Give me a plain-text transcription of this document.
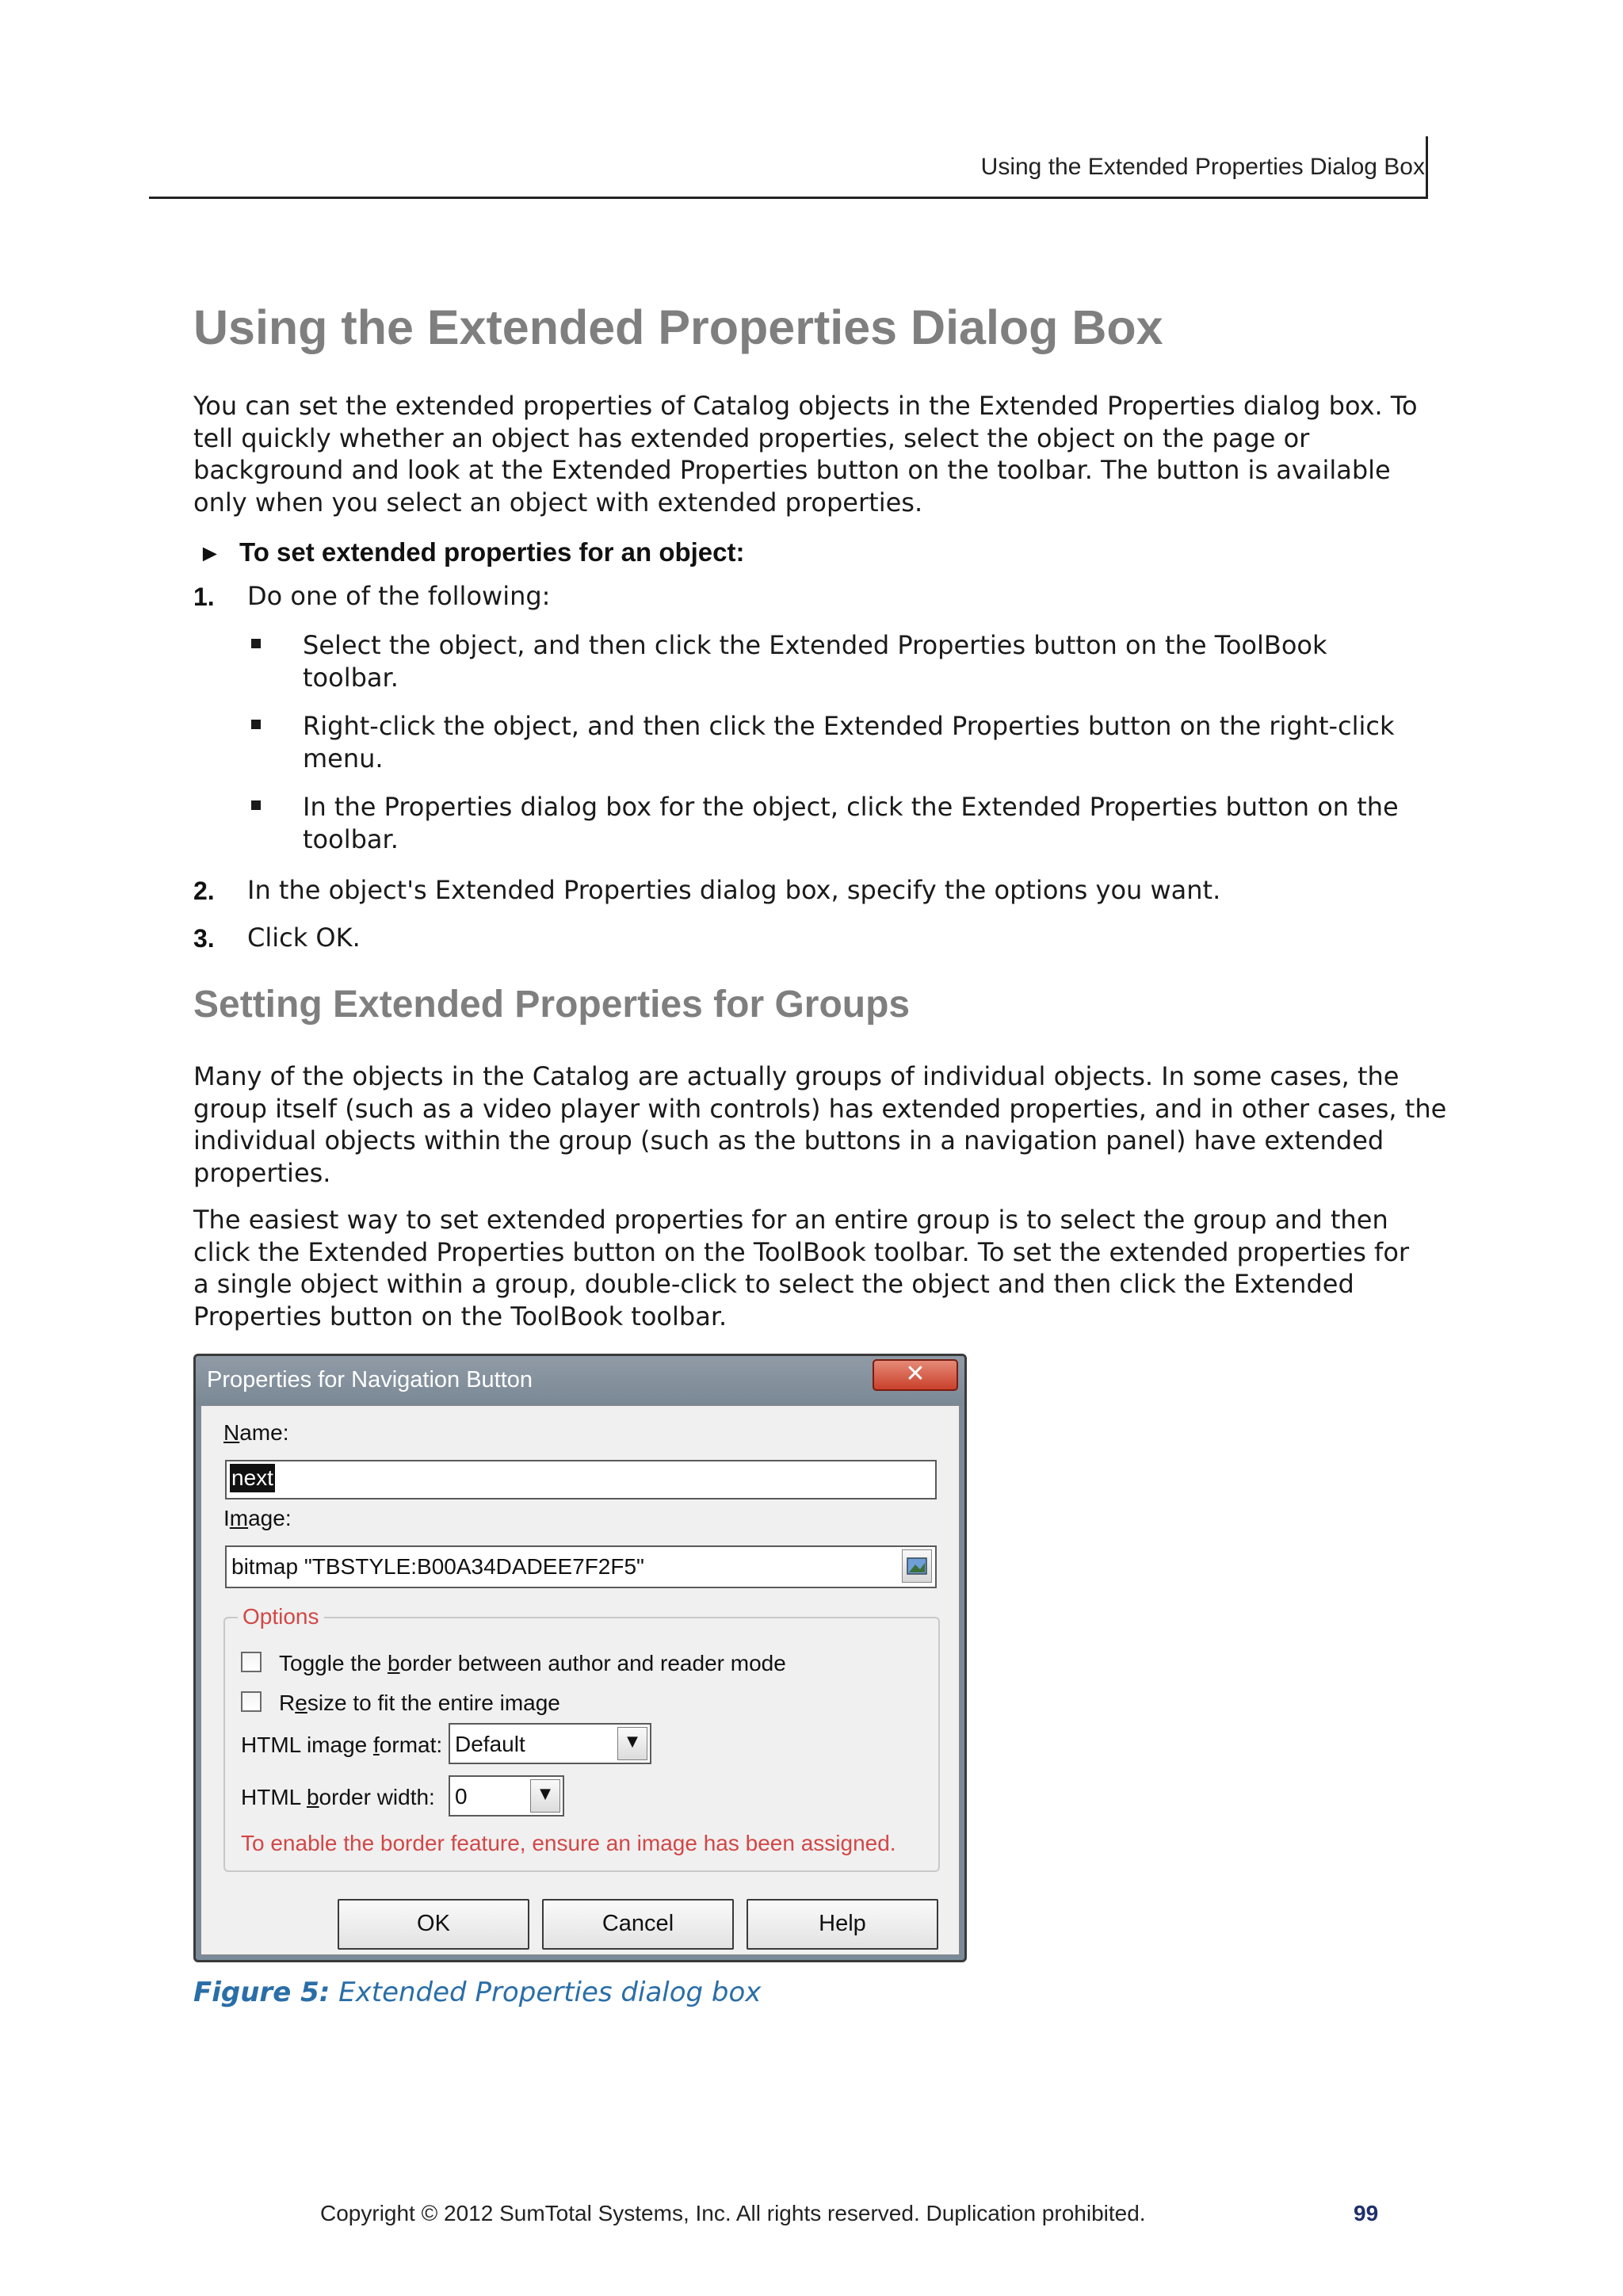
Using the Extended Properties Dialog Box
Using the Extended Properties Dialog Box
You can set the extended properties of Catalog objects in the Extended Properties dialog box. To
tell quickly whether an object has extended properties, select the object on the page or
background and look at the Extended Properties button on the toolbar. The button is available
only when you select an object with extended properties.
► To set extended properties for an object:
1. Do one of the following:
Select the object, and then click the Extended Properties button on the ToolBook
toolbar.
Right-click the object, and then click the Extended Properties button on the right-click
menu.
In the Properties dialog box for the object, click the Extended Properties button on the
toolbar.
2. In the object's Extended Properties dialog box, specify the options you want.
3. Click OK.
Setting Extended Properties for Groups
Many of the objects in the Catalog are actually groups of individual objects. In some cases, the
group itself (such as a video player with controls) has extended properties, and in other cases, the
individual objects within the group (such as the buttons in a navigation panel) have extended
properties.
The easiest way to set extended properties for an entire group is to select the group and then
click the Extended Properties button on the ToolBook toolbar. To set the extended properties for
a single object within a group, double-click to select the object and then click the Extended
Properties button on the ToolBook toolbar.
Properties for Navigation Button	✕
Name:
next
Image:
bitmap "TBSTYLE:B00A34DADEE7F2F5"
Options
Toggle the border between author and reader mode
Resize to fit the entire image
HTML image format: Default	▼
HTML border width: 0	▼
To enable the border feature, ensure an image has been assigned.
OK	Cancel	Help
Figure 5: Extended Properties dialog box
Copyright © 2012 SumTotal Systems, Inc. All rights reserved. Duplication prohibited.	99
